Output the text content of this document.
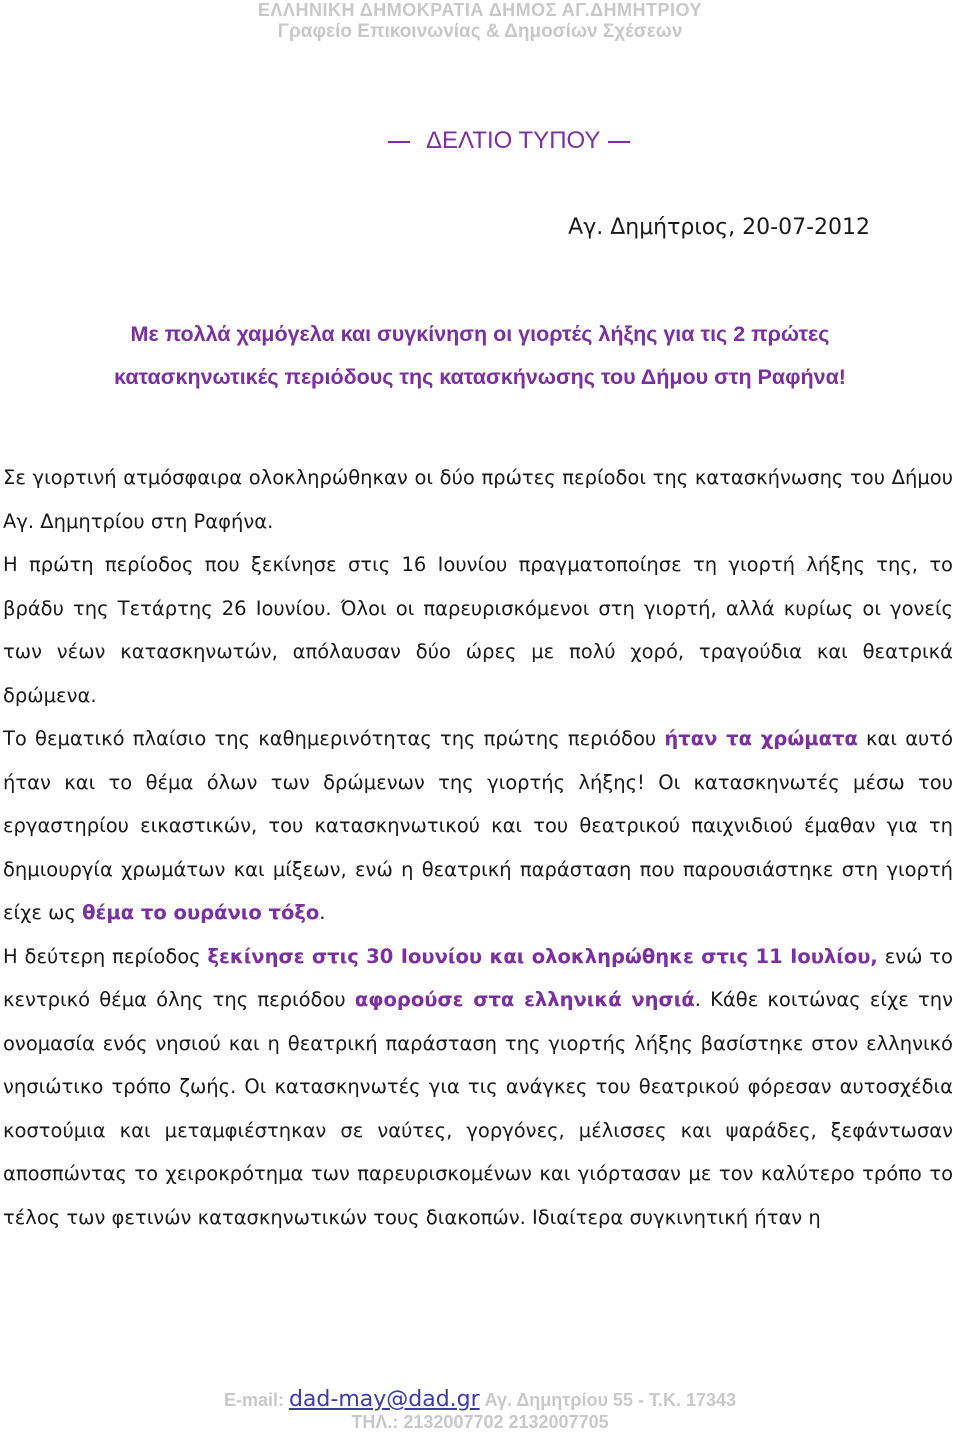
ΕΛΛΗΝΙΚΗ ΔΗΜΟΚΡΑΤΙΑ ΔΗΜΟΣ ΑΓ.ΔΗΜΗΤΡΙΟΥ
Γραφείο Επικοινωνίας & Δημοσίων Σχέσεων
ΔΕΛΤΙΟ ΤΥΠΟΥ
Αγ. Δημήτριος, 20-07-2012
Με πολλά χαμόγελα και συγκίνηση οι γιορτές λήξης για τις 2 πρώτες
κατασκηνωτικές περιόδους της κατασκήνωσης του Δήμου στη Ραφήνα!

Σε γιορτινή ατμόσφαιρα ολοκληρώθηκαν οι δύο πρώτες περίοδοι της κατασκήνωσης του Δήμου Αγ. Δημητρίου στη Ραφήνα.

Η πρώτη περίοδος που ξεκίνησε στις 16 Ιουνίου πραγματοποίησε τη γιορτή λήξης της, το βράδυ της Τετάρτης 26 Ιουνίου. Όλοι οι παρευρισκόμενοι στη γιορτή, αλλά κυρίως οι γονείς των νέων κατασκηνωτών, απόλαυσαν δύο ώρες με πολύ χορό, τραγούδια και θεατρικά δρώμενα.

Το θεματικό πλαίσιο της καθημερινότητας της πρώτης περιόδου ήταν τα χρώματα και αυτό ήταν και το θέμα όλων των δρώμενων της γιορτής λήξης! Οι κατασκηνωτές μέσω του εργαστηρίου εικαστικών, του κατασκηνωτικού και του θεατρικού παιχνιδιού έμαθαν για τη δημιουργία χρωμάτων και μίξεων, ενώ η θεατρική παράσταση που παρουσιάστηκε στη γιορτή είχε ως θέμα το ουράνιο τόξο.

Η δεύτερη περίοδος ξεκίνησε στις 30 Ιουνίου και ολοκληρώθηκε στις 11 Ιουλίου, ενώ το κεντρικό θέμα όλης της περιόδου αφορούσε στα ελληνικά νησιά. Κάθε κοιτώνας είχε την ονομασία ενός νησιού και η θεατρική παράσταση της γιορτής λήξης βασίστηκε στον ελληνικό νησιώτικο τρόπο ζωής. Οι κατασκηνωτές για τις ανάγκες του θεατρικού φόρεσαν αυτοσχέδια κοστούμια και μεταμφιέστηκαν σε ναύτες, γοργόνες, μέλισσες και ψαράδες, ξεφάντωσαν αποσπώντας το χειροκρότημα των παρευρισκομένων και γιόρτασαν με τον καλύτερο τρόπο το τέλος των φετινών κατασκηνωτικών τους διακοπών. Ιδιαίτερα συγκινητική ήταν η

E-mail: dad-may@dad.gr Αγ. Δημητρίου 55 - Τ.Κ. 17343
ΤΗΛ.: 2132007702 2132007705
